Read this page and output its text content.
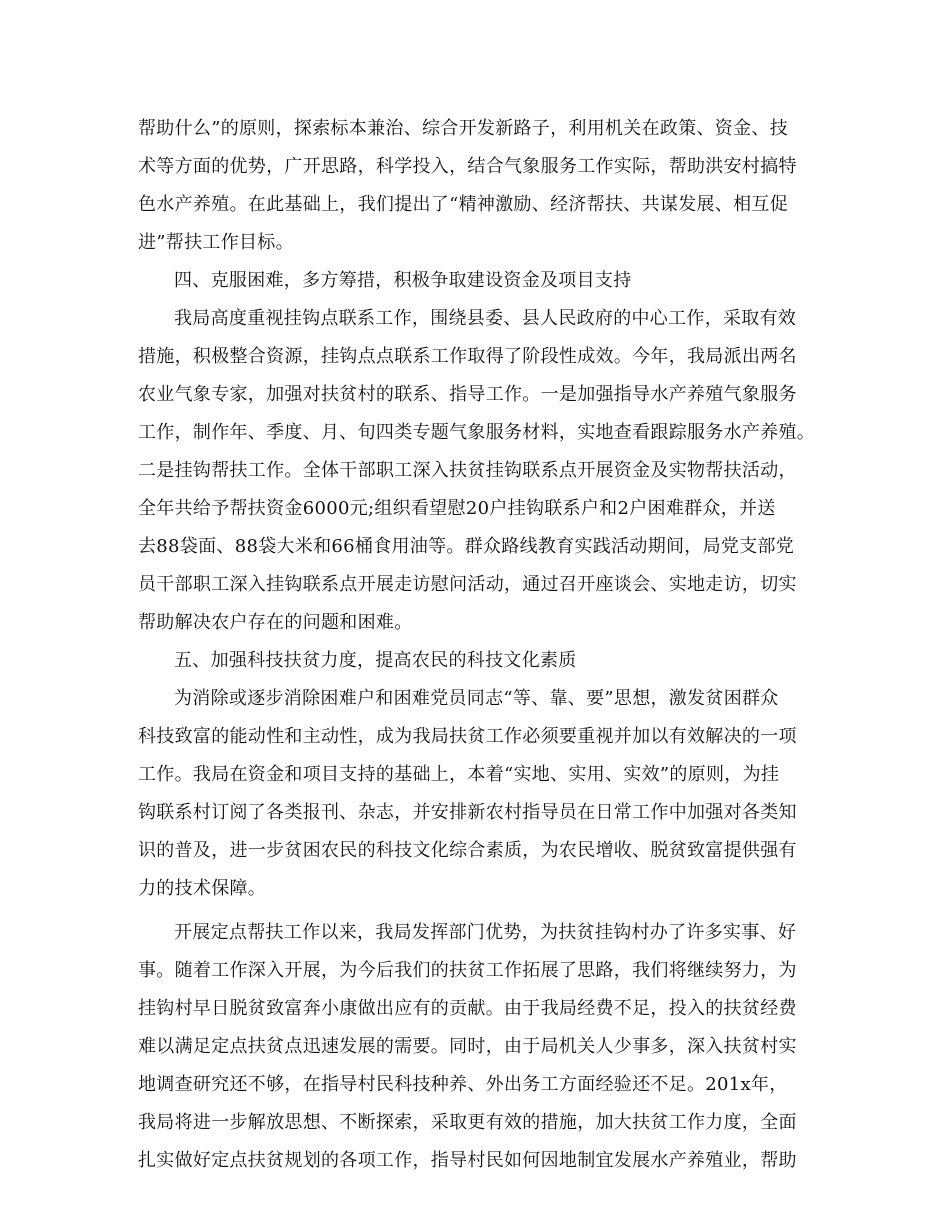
帮助什么”的原则，探索标本兼治、综合开发新路子，利用机关在政策、资金、技
术等方面的优势，广开思路，科学投入，结合气象服务工作实际，帮助洪安村搞特
色水产养殖。在此基础上，我们提出了“精神激励、经济帮扶、共谋发展、相互促
进”帮扶工作目标。
四、克服困难，多方筹措，积极争取建设资金及项目支持
我局高度重视挂钩点联系工作，围绕县委、县人民政府的中心工作，采取有效
措施，积极整合资源，挂钩点点联系工作取得了阶段性成效。今年，我局派出两名
农业气象专家，加强对扶贫村的联系、指导工作。一是加强指导水产养殖气象服务
工作，制作年、季度、月、旬四类专题气象服务材料，实地查看跟踪服务水产养殖。
二是挂钩帮扶工作。全体干部职工深入扶贫挂钩联系点开展资金及实物帮扶活动，
全年共给予帮扶资金6000元;组织看望慰20户挂钩联系户和2户困难群众，并送
去88袋面、88袋大米和66桶食用油等。群众路线教育实践活动期间，局党支部党
员干部职工深入挂钩联系点开展走访慰问活动，通过召开座谈会、实地走访，切实
帮助解决农户存在的问题和困难。
五、加强科技扶贫力度，提高农民的科技文化素质
为消除或逐步消除困难户和困难党员同志“等、靠、要”思想，激发贫困群众
科技致富的能动性和主动性，成为我局扶贫工作必须要重视并加以有效解决的一项
工作。我局在资金和项目支持的基础上，本着“实地、实用、实效”的原则，为挂
钩联系村订阅了各类报刊、杂志，并安排新农村指导员在日常工作中加强对各类知
识的普及，进一步贫困农民的科技文化综合素质，为农民增收、脱贫致富提供强有
力的技术保障。
开展定点帮扶工作以来，我局发挥部门优势，为扶贫挂钩村办了许多实事、好
事。随着工作深入开展，为今后我们的扶贫工作拓展了思路，我们将继续努力，为
挂钩村早日脱贫致富奔小康做出应有的贡献。由于我局经费不足，投入的扶贫经费
难以满足定点扶贫点迅速发展的需要。同时，由于局机关人少事多，深入扶贫村实
地调查研究还不够，在指导村民科技种养、外出务工方面经验还不足。201x年，
我局将进一步解放思想、不断探索，采取更有效的措施，加大扶贫工作力度，全面
扎实做好定点扶贫规划的各项工作，指导村民如何因地制宜发展水产养殖业，帮助
